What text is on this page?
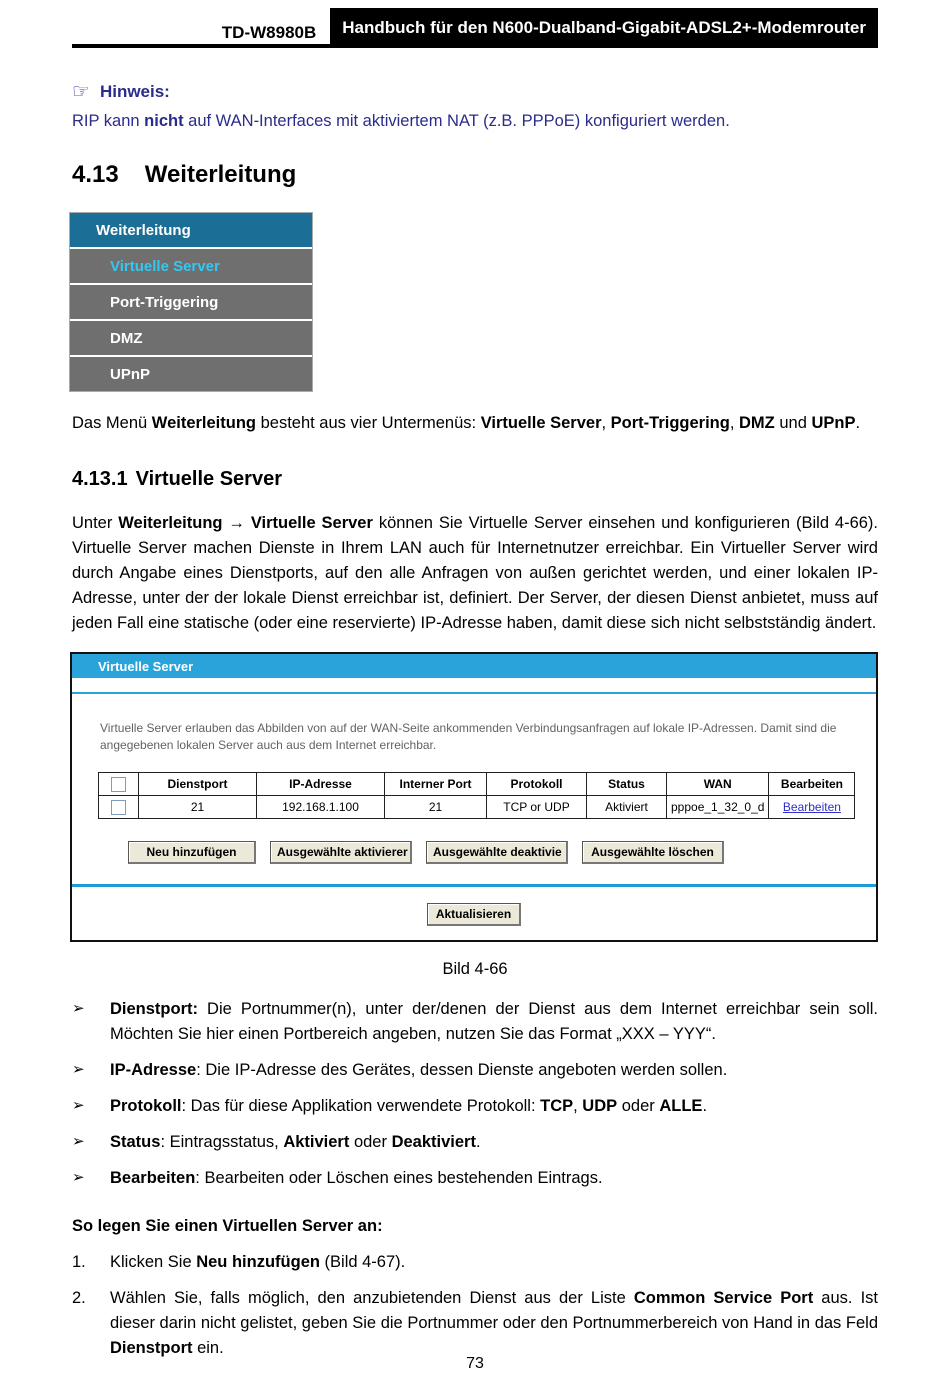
TD-W8980B	Handbuch für den N600-Dualband-Gigabit-ADSL2+-Modemrouter
☞ Hinweis:
RIP kann nicht auf WAN-Interfaces mit aktiviertem NAT (z.B. PPPoE) konfiguriert werden.
4.13 Weiterleitung
Weiterleitung
Virtuelle Server
Port-Triggering
DMZ
UPnP
Das Menü Weiterleitung besteht aus vier Untermenüs: Virtuelle Server, Port-Triggering, DMZ und UPnP.
4.13.1 Virtuelle Server
Unter Weiterleitung → Virtuelle Server können Sie Virtuelle Server einsehen und konfigurieren (Bild 4-66). Virtuelle Server machen Dienste in Ihrem LAN auch für Internetnutzer erreichbar. Ein Virtueller Server wird durch Angabe eines Dienstports, auf den alle Anfragen von außen gerichtet werden, und einer lokalen IP-Adresse, unter der der lokale Dienst erreichbar ist, definiert. Der Server, der diesen Dienst anbietet, muss auf jeden Fall eine statische (oder eine reservierte) IP-Adresse haben, damit diese sich nicht selbstständig ändert.
Virtuelle Server
Virtuelle Server erlauben das Abbilden von auf der WAN-Seite ankommenden Verbindungsanfragen auf lokale IP-Adressen. Damit sind die angegebenen lokalen Server auch aus dem Internet erreichbar.
	Dienstport	IP-Adresse	Interner Port	Protokoll	Status	WAN	Bearbeiten
	21	192.168.1.100	21	TCP or UDP	Aktiviert	pppoe_1_32_0_d	Bearbeiten
Neu hinzufügen	Ausgewählte aktivierer	Ausgewählte deaktivie	Ausgewählte löschen
Aktualisieren
Bild 4-66
➢	Dienstport: Die Portnummer(n), unter der/denen der Dienst aus dem Internet erreichbar sein soll. Möchten Sie hier einen Portbereich angeben, nutzen Sie das Format „XXX – YYY“.
➢	IP-Adresse: Die IP-Adresse des Gerätes, dessen Dienste angeboten werden sollen.
➢	Protokoll: Das für diese Applikation verwendete Protokoll: TCP, UDP oder ALLE.
➢	Status: Eintragsstatus, Aktiviert oder Deaktiviert.
➢	Bearbeiten: Bearbeiten oder Löschen eines bestehenden Eintrags.
So legen Sie einen Virtuellen Server an:
1.	Klicken Sie Neu hinzufügen (Bild 4-67).
2.	Wählen Sie, falls möglich, den anzubietenden Dienst aus der Liste Common Service Port aus. Ist dieser darin nicht gelistet, geben Sie die Portnummer oder den Portnummerbereich von Hand in das Feld Dienstport ein.
73
